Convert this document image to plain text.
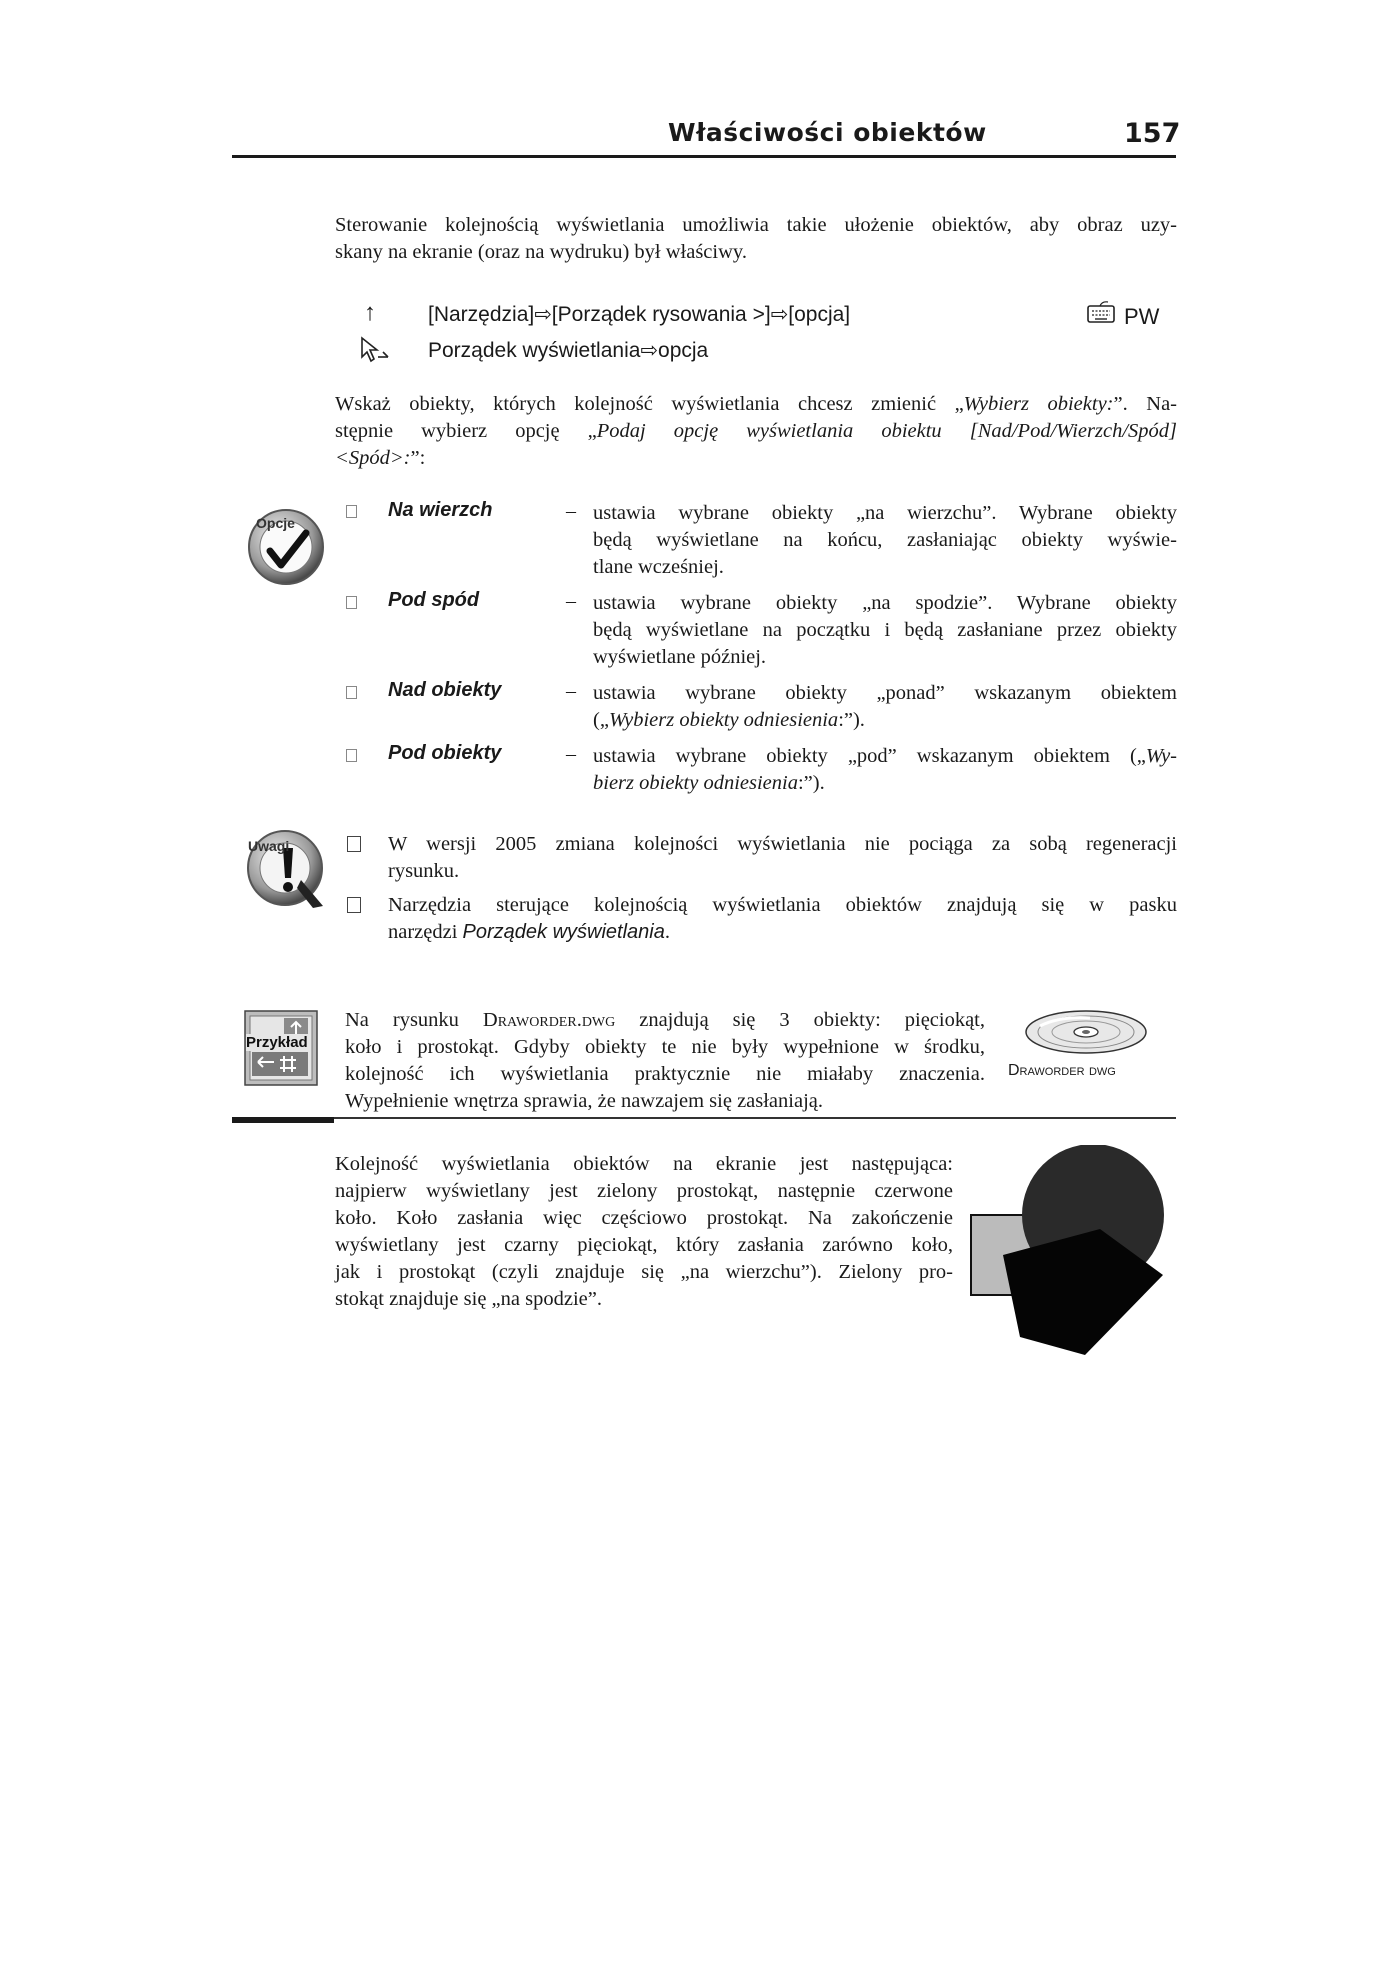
Właściwości obiektów	157
Sterowanie kolejnością wyświetlania umożliwia takie ułożenie obiektów, aby obraz uzy-
skany na ekranie (oraz na wydruku) był właściwy.
↑ [Narzędzia]⇨[Porządek rysowania >]⇨[opcja]	PW
Porządek wyświetlania⇨opcja
Wskaż obiekty, których kolejność wyświetlania chcesz zmienić „Wybierz obiekty:”. Na-
stępnie wybierz opcję „Podaj opcję wyświetlania obiektu [Nad/Pod/Wierzch/Spód]
<Spód>:”:
Opcje
Na wierzch	– ustawia wybrane obiekty „na wierzchu”. Wybrane obiekty
będą wyświetlane na końcu, zasłaniając obiekty wyświe-
tlane wcześniej.
Pod spód	– ustawia wybrane obiekty „na spodzie”. Wybrane obiekty
będą wyświetlane na początku i będą zasłaniane przez obiekty
wyświetlane później.
Nad obiekty	– ustawia wybrane obiekty „ponad” wskazanym obiektem
(„Wybierz obiekty odniesienia:”).
Pod obiekty	– ustawia wybrane obiekty „pod” wskazanym obiektem („Wy-
bierz obiekty odniesienia:”).
Uwagi	W wersji 2005 zmiana kolejności wyświetlania nie pociąga za sobą regeneracji
rysunku.
Narzędzia sterujące kolejnością wyświetlania obiektów znajdują się w pasku
narzędzi Porządek wyświetlania.
Przykład
Na rysunku Draworder.dwg znajdują się 3 obiekty: pięciokąt,
koło i prostokąt. Gdyby obiekty te nie były wypełnione w środku,
kolejność ich wyświetlania praktycznie nie miałaby znaczenia.
Wypełnienie wnętrza sprawia, że nawzajem się zasłaniają.
Draworder dwg
Kolejność wyświetlania obiektów na ekranie jest następująca:
najpierw wyświetlany jest zielony prostokąt, następnie czerwone
koło. Koło zasłania więc częściowo prostokąt. Na zakończenie
wyświetlany jest czarny pięciokąt, który zasłania zarówno koło,
jak i prostokąt (czyli znajduje się „na wierzchu”). Zielony pro-
stokąt znajduje się „na spodzie”.
